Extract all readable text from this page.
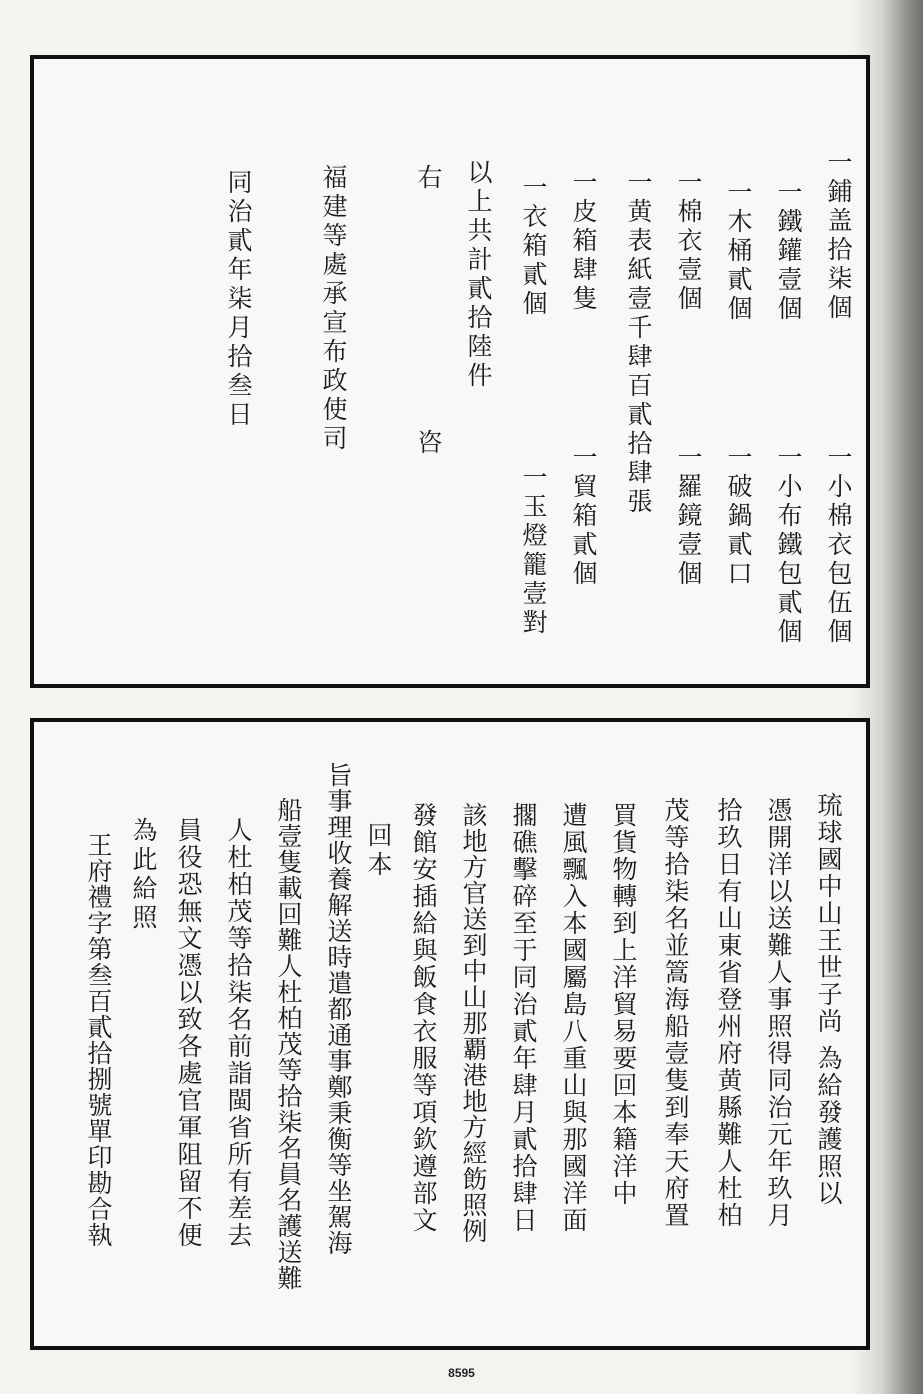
一鋪盖拾柒個
一鐵鑵壹個
一木桶貳個
一棉衣壹個
一黄表紙壹千肆百貳拾肆張
一皮箱肆隻
一衣箱貳個
以上共計貳拾陸件
右
一小棉衣包伍個
一小布鐵包貳個
一破鍋貳口
一羅鏡壹個
一貿箱貳個
一玉燈籠壹對
咨
福建等處承宣布政使司
同治貳年柒月拾叁日
琉球國中山王世子尚 為給發護照以
憑開洋以送難人事照得同治元年玖月
拾玖日有山東省登州府黄縣難人杜柏
茂等拾柒名並篙海船壹隻到奉天府置
買貨物轉到上洋貿易要回本籍洋中
遭風飄入本國屬島八重山與那國洋面
擱礁擊碎至于同治貳年肆月貳拾肆日
該地方官送到中山那覇港地方經飭照例
發館安插給與飯食衣服等項欽遵部文
回本
旨事理收養解送時遣都通事鄭秉衡等坐駕海
船壹隻載回難人杜柏茂等拾柒名員名護送難
人杜柏茂等拾柒名前詣閩省所有差去
員役恐無文憑以致各處官軍阻留不便
為此給照
王府禮字第叁百貳拾捌號單印勘合執
8595
